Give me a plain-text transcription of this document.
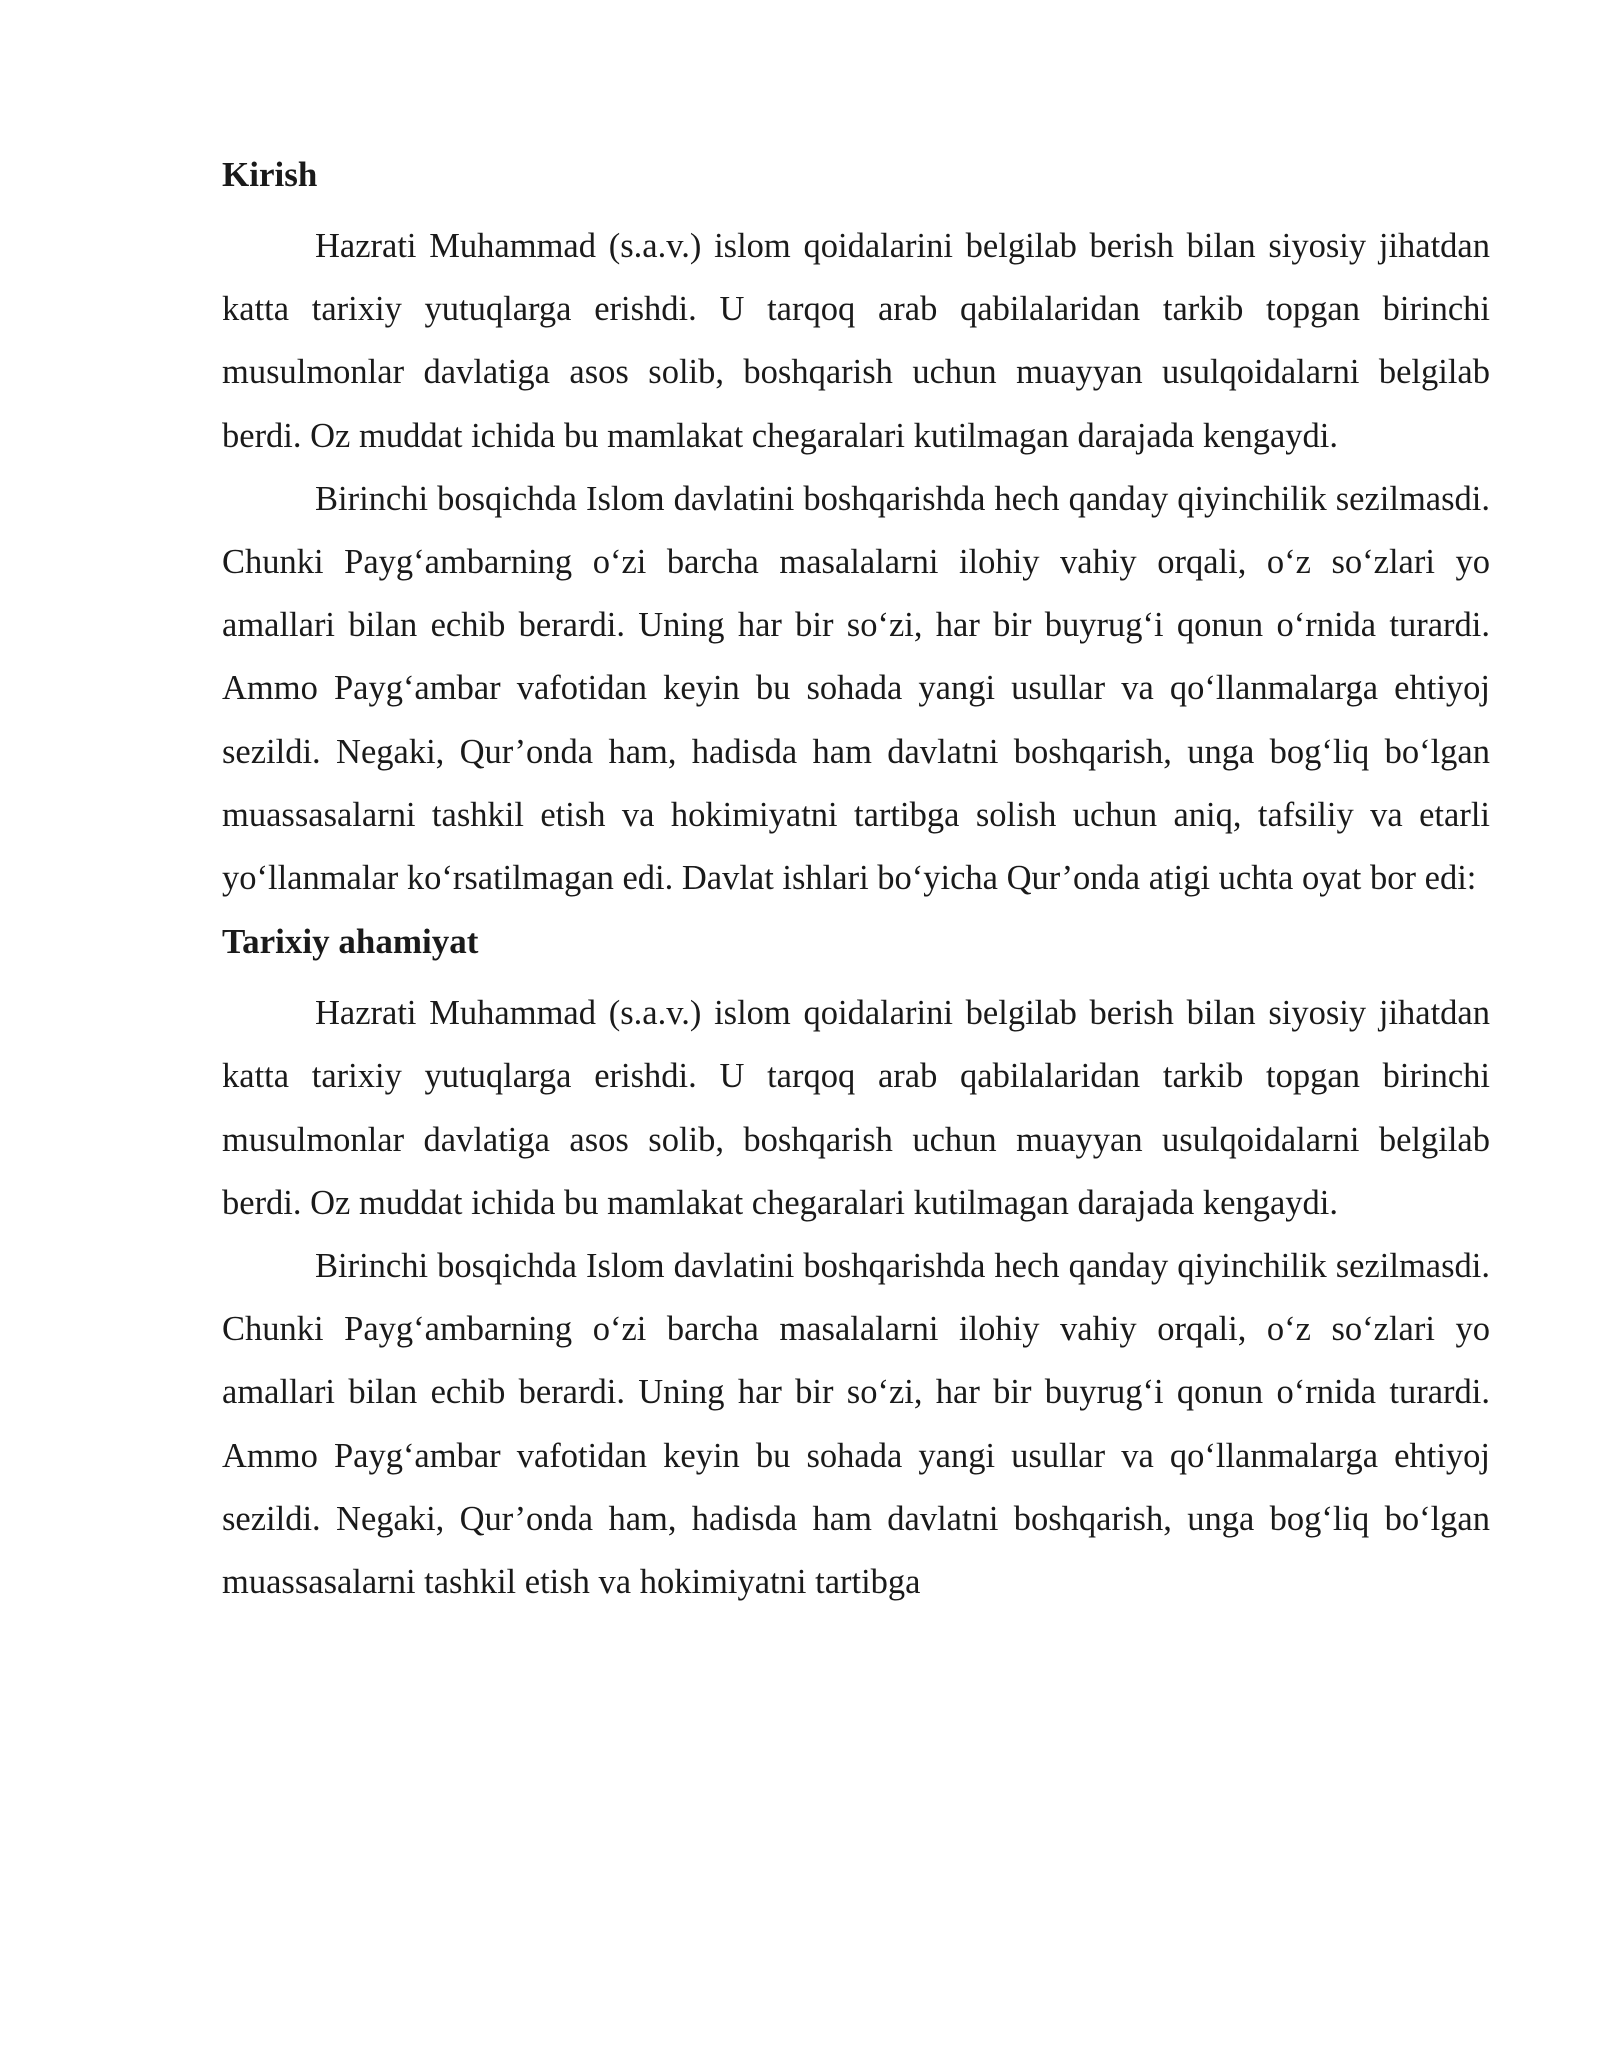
Kirish

Hazrati Muhammad (s.a.v.) islom qoidalarini belgilab berish bilan siyosiy jihatdan katta tarixiy yutuqlarga erishdi. U tarqoq arab qabilalaridan tarkib topgan birinchi musulmonlar davlatiga asos solib, boshqarish uchun muayyan usulqoidalarni belgilab berdi. Oz muddat ichida bu mamlakat chegaralari kutilmagan darajada kengaydi.

Birinchi bosqichda Islom davlatini boshqarishda hech qanday qiyinchilik sezilmasdi. Chunki Payg‘ambarning o‘zi barcha masalalarni ilohiy vahiy orqali, o‘z so‘zlari yo amallari bilan echib berardi. Uning har bir so‘zi, har bir buyrug‘i qonun o‘rnida turardi. Ammo Payg‘ambar vafotidan keyin bu sohada yangi usullar va qo‘llanmalarga ehtiyoj sezildi. Negaki, Qur’onda ham, hadisda ham davlatni boshqarish, unga bog‘liq bo‘lgan muassasalarni tashkil etish va hokimiyatni tartibga solish uchun aniq, tafsiliy va etarli yo‘llanmalar ko‘rsatilmagan edi. Davlat ishlari bo‘yicha Qur’onda atigi uchta oyat bor edi:

Tarixiy ahamiyat

Hazrati Muhammad (s.a.v.) islom qoidalarini belgilab berish bilan siyosiy jihatdan katta tarixiy yutuqlarga erishdi. U tarqoq arab qabilalaridan tarkib topgan birinchi musulmonlar davlatiga asos solib, boshqarish uchun muayyan usulqoidalarni belgilab berdi. Oz muddat ichida bu mamlakat chegaralari kutilmagan darajada kengaydi.

Birinchi bosqichda Islom davlatini boshqarishda hech qanday qiyinchilik sezilmasdi. Chunki Payg‘ambarning o‘zi barcha masalalarni ilohiy vahiy orqali, o‘z so‘zlari yo amallari bilan echib berardi. Uning har bir so‘zi, har bir buyrug‘i qonun o‘rnida turardi. Ammo Payg‘ambar vafotidan keyin bu sohada yangi usullar va qo‘llanmalarga ehtiyoj sezildi. Negaki, Qur’onda ham, hadisda ham davlatni boshqarish, unga bog‘liq bo‘lgan muassasalarni tashkil etish va hokimiyatni tartibga
